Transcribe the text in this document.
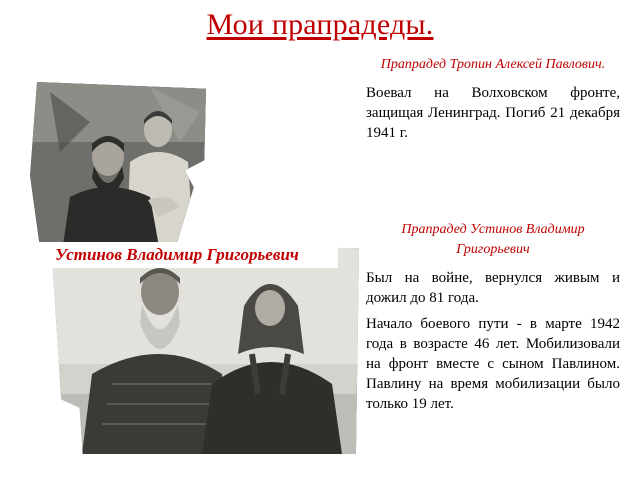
Мои прапрадеды.
Устинов Владимир Григорьевич
Прапрадед Тропин Алексей Павлович.
Воевал на Волховском фронте, защищая Ленинград. Погиб 21 декабря 1941 г.
Прапрадед Устинов Владимир Григорьевич
Был на войне, вернулся живым и дожил до 81 года.
Начало боевого пути - в марте 1942 года в возрасте 46 лет. Мобилизовали на фронт вместе с сыном Павлином. Павлину на время мобилизации было только 19 лет.
